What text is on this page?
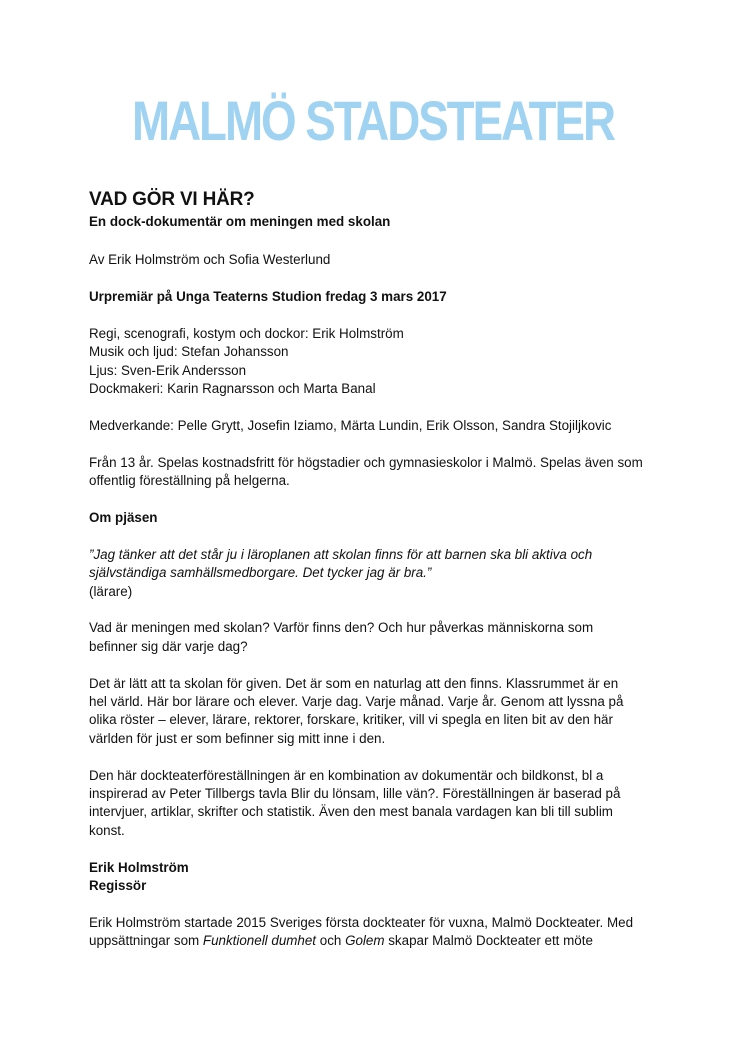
MALMÖ STADSTEATER
VAD GÖR VI HÄR?

En dock-dokumentär om meningen med skolan

Av Erik Holmström och Sofia Westerlund

Urpremiär på Unga Teaterns Studion fredag 3 mars 2017

Regi, scenografi, kostym och dockor: Erik Holmström
Musik och ljud: Stefan Johansson
Ljus: Sven-Erik Andersson
Dockmakeri: Karin Ragnarsson och Marta Banal

Medverkande: Pelle Grytt, Josefin Iziamo, Märta Lundin, Erik Olsson, Sandra Stojiljkovic

Från 13 år. Spelas kostnadsfritt för högstadier och gymnasieskolor i Malmö. Spelas även som
offentlig föreställning på helgerna.

Om pjäsen

”Jag tänker att det står ju i läroplanen att skolan finns för att barnen ska bli aktiva och
självständiga samhällsmedborgare. Det tycker jag är bra.”
(lärare)
Vad är meningen med skolan? Varför finns den? Och hur påverkas människorna som
befinner sig där varje dag?
Det är lätt att ta skolan för given. Det är som en naturlag att den finns. Klassrummet är en
hel värld. Här bor lärare och elever. Varje dag. Varje månad. Varje år. Genom att lyssna på
olika röster – elever, lärare, rektorer, forskare, kritiker, vill vi spegla en liten bit av den här
världen för just er som befinner sig mitt inne i den.
Den här dockteaterföreställningen är en kombination av dokumentär och bildkonst, bl a
inspirerad av Peter Tillbergs tavla Blir du lönsam, lille vän?. Föreställningen är baserad på
intervjuer, artiklar, skrifter och statistik. Även den mest banala vardagen kan bli till sublim
konst.
Erik Holmström
Regissör
Erik Holmström startade 2015 Sveriges första dockteater för vuxna, Malmö Dockteater. Med
uppsättningar som Funktionell dumhet och Golem skapar Malmö Dockteater ett möte
